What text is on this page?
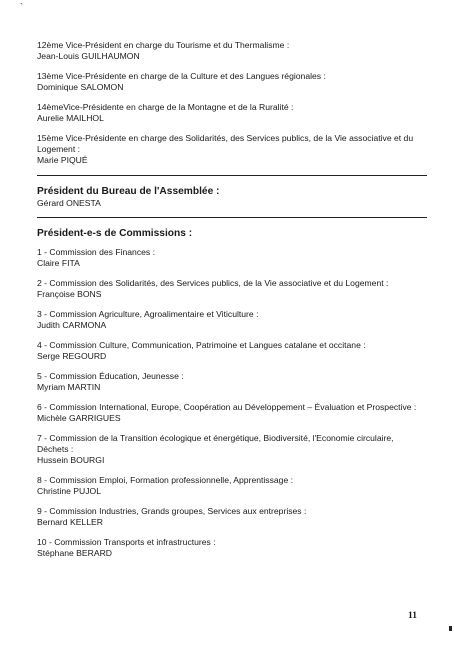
`
12ème Vice-Président en charge du Tourisme et du Thermalisme :
Jean-Louis GUILHAUMON
13ème Vice-Présidente en charge de la Culture et des Langues régionales :
Dominique SALOMON
14èmeVice-Présidente en charge de la Montagne et de la Ruralité :
Aurelie MAILHOL
15ème Vice-Présidente en charge des Solidarités, des Services publics, de la Vie associative et du Logement :
Marie PIQUÉ
Président du Bureau de l'Assemblée :
Gérard ONESTA
Président-e-s de Commissions :
1 - Commission des Finances :
Claire FITA
2 - Commission des Solidarités, des Services publics, de la Vie associative et du Logement :
Françoise BONS
3 - Commission Agriculture, Agroalimentaire et Viticulture :
Judith CARMONA
4 - Commission Culture, Communication, Patrimoine et Langues catalane et occitane :
Serge REGOURD
5 - Commission Éducation, Jeunesse :
Myriam MARTIN
6 - Commission International, Europe, Coopération au Développement – Évaluation et Prospective :
Michèle GARRIGUES
7 - Commission de la Transition écologique et énergétique, Biodiversité, l'Economie circulaire, Déchets :
Hussein BOURGI
8 - Commission Emploi, Formation professionnelle, Apprentissage :
Christine PUJOL
9 - Commission Industries, Grands groupes, Services aux entreprises :
Bernard KELLER
10 - Commission Transports et infrastructures :
Stéphane BERARD
11
